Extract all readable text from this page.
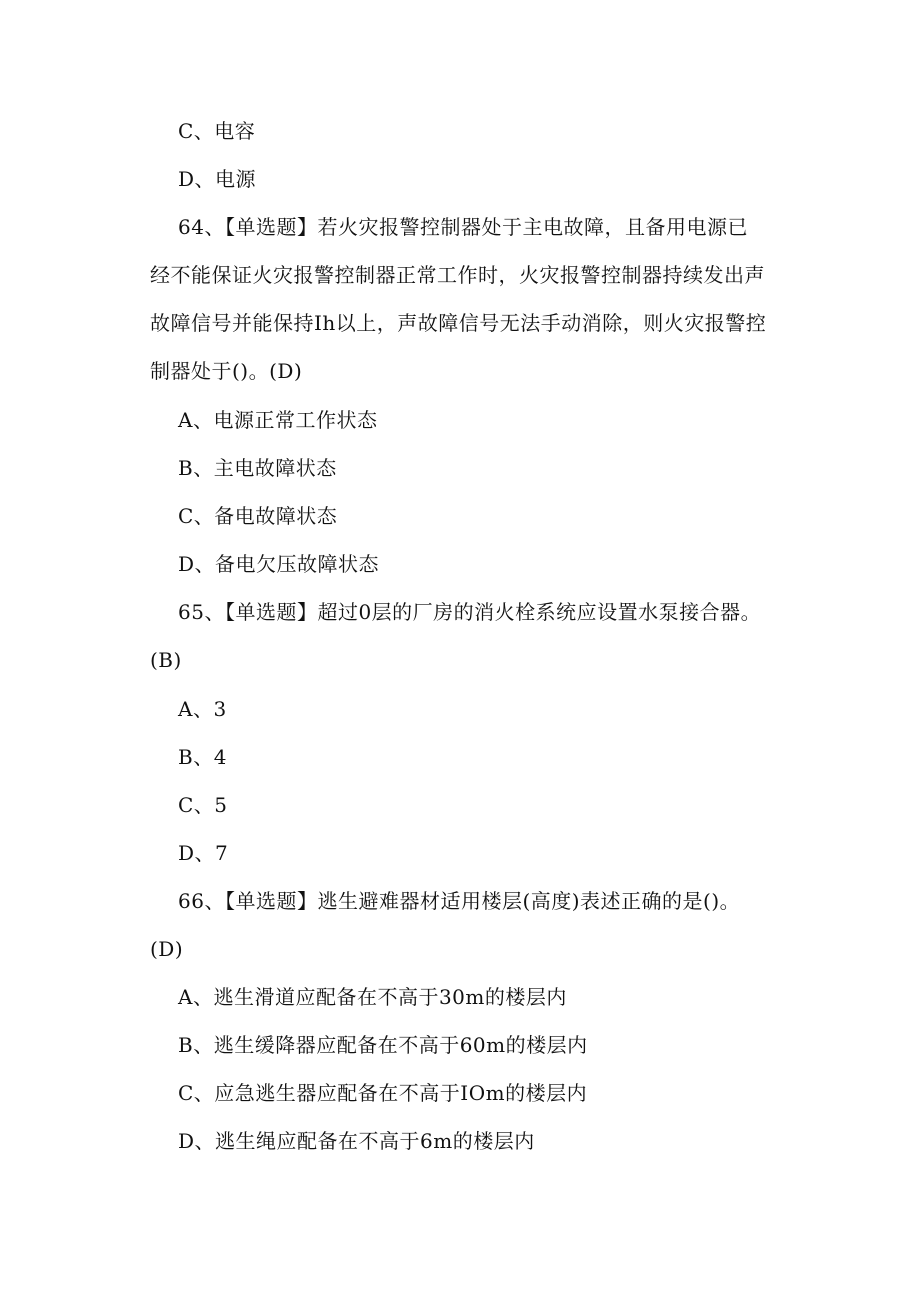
C、电容
D、电源
64、【单选题】若火灾报警控制器处于主电故障，且备用电源已
经不能保证火灾报警控制器正常工作时，火灾报警控制器持续发出声
故障信号并能保持Ih以上，声故障信号无法手动消除，则火灾报警控
制器处于()。(D)
A、电源正常工作状态
B、主电故障状态
C、备电故障状态
D、备电欠压故障状态
65、【单选题】超过0层的厂房的消火栓系统应设置水泵接合器。
(B)
A、3
B、4
C、5
D、7
66、【单选题】逃生避难器材适用楼层(高度)表述正确的是()。
(D)
A、逃生滑道应配备在不高于30m的楼层内
B、逃生缓降器应配备在不高于60m的楼层内
C、应急逃生器应配备在不高于IOm的楼层内
D、逃生绳应配备在不高于6m的楼层内
